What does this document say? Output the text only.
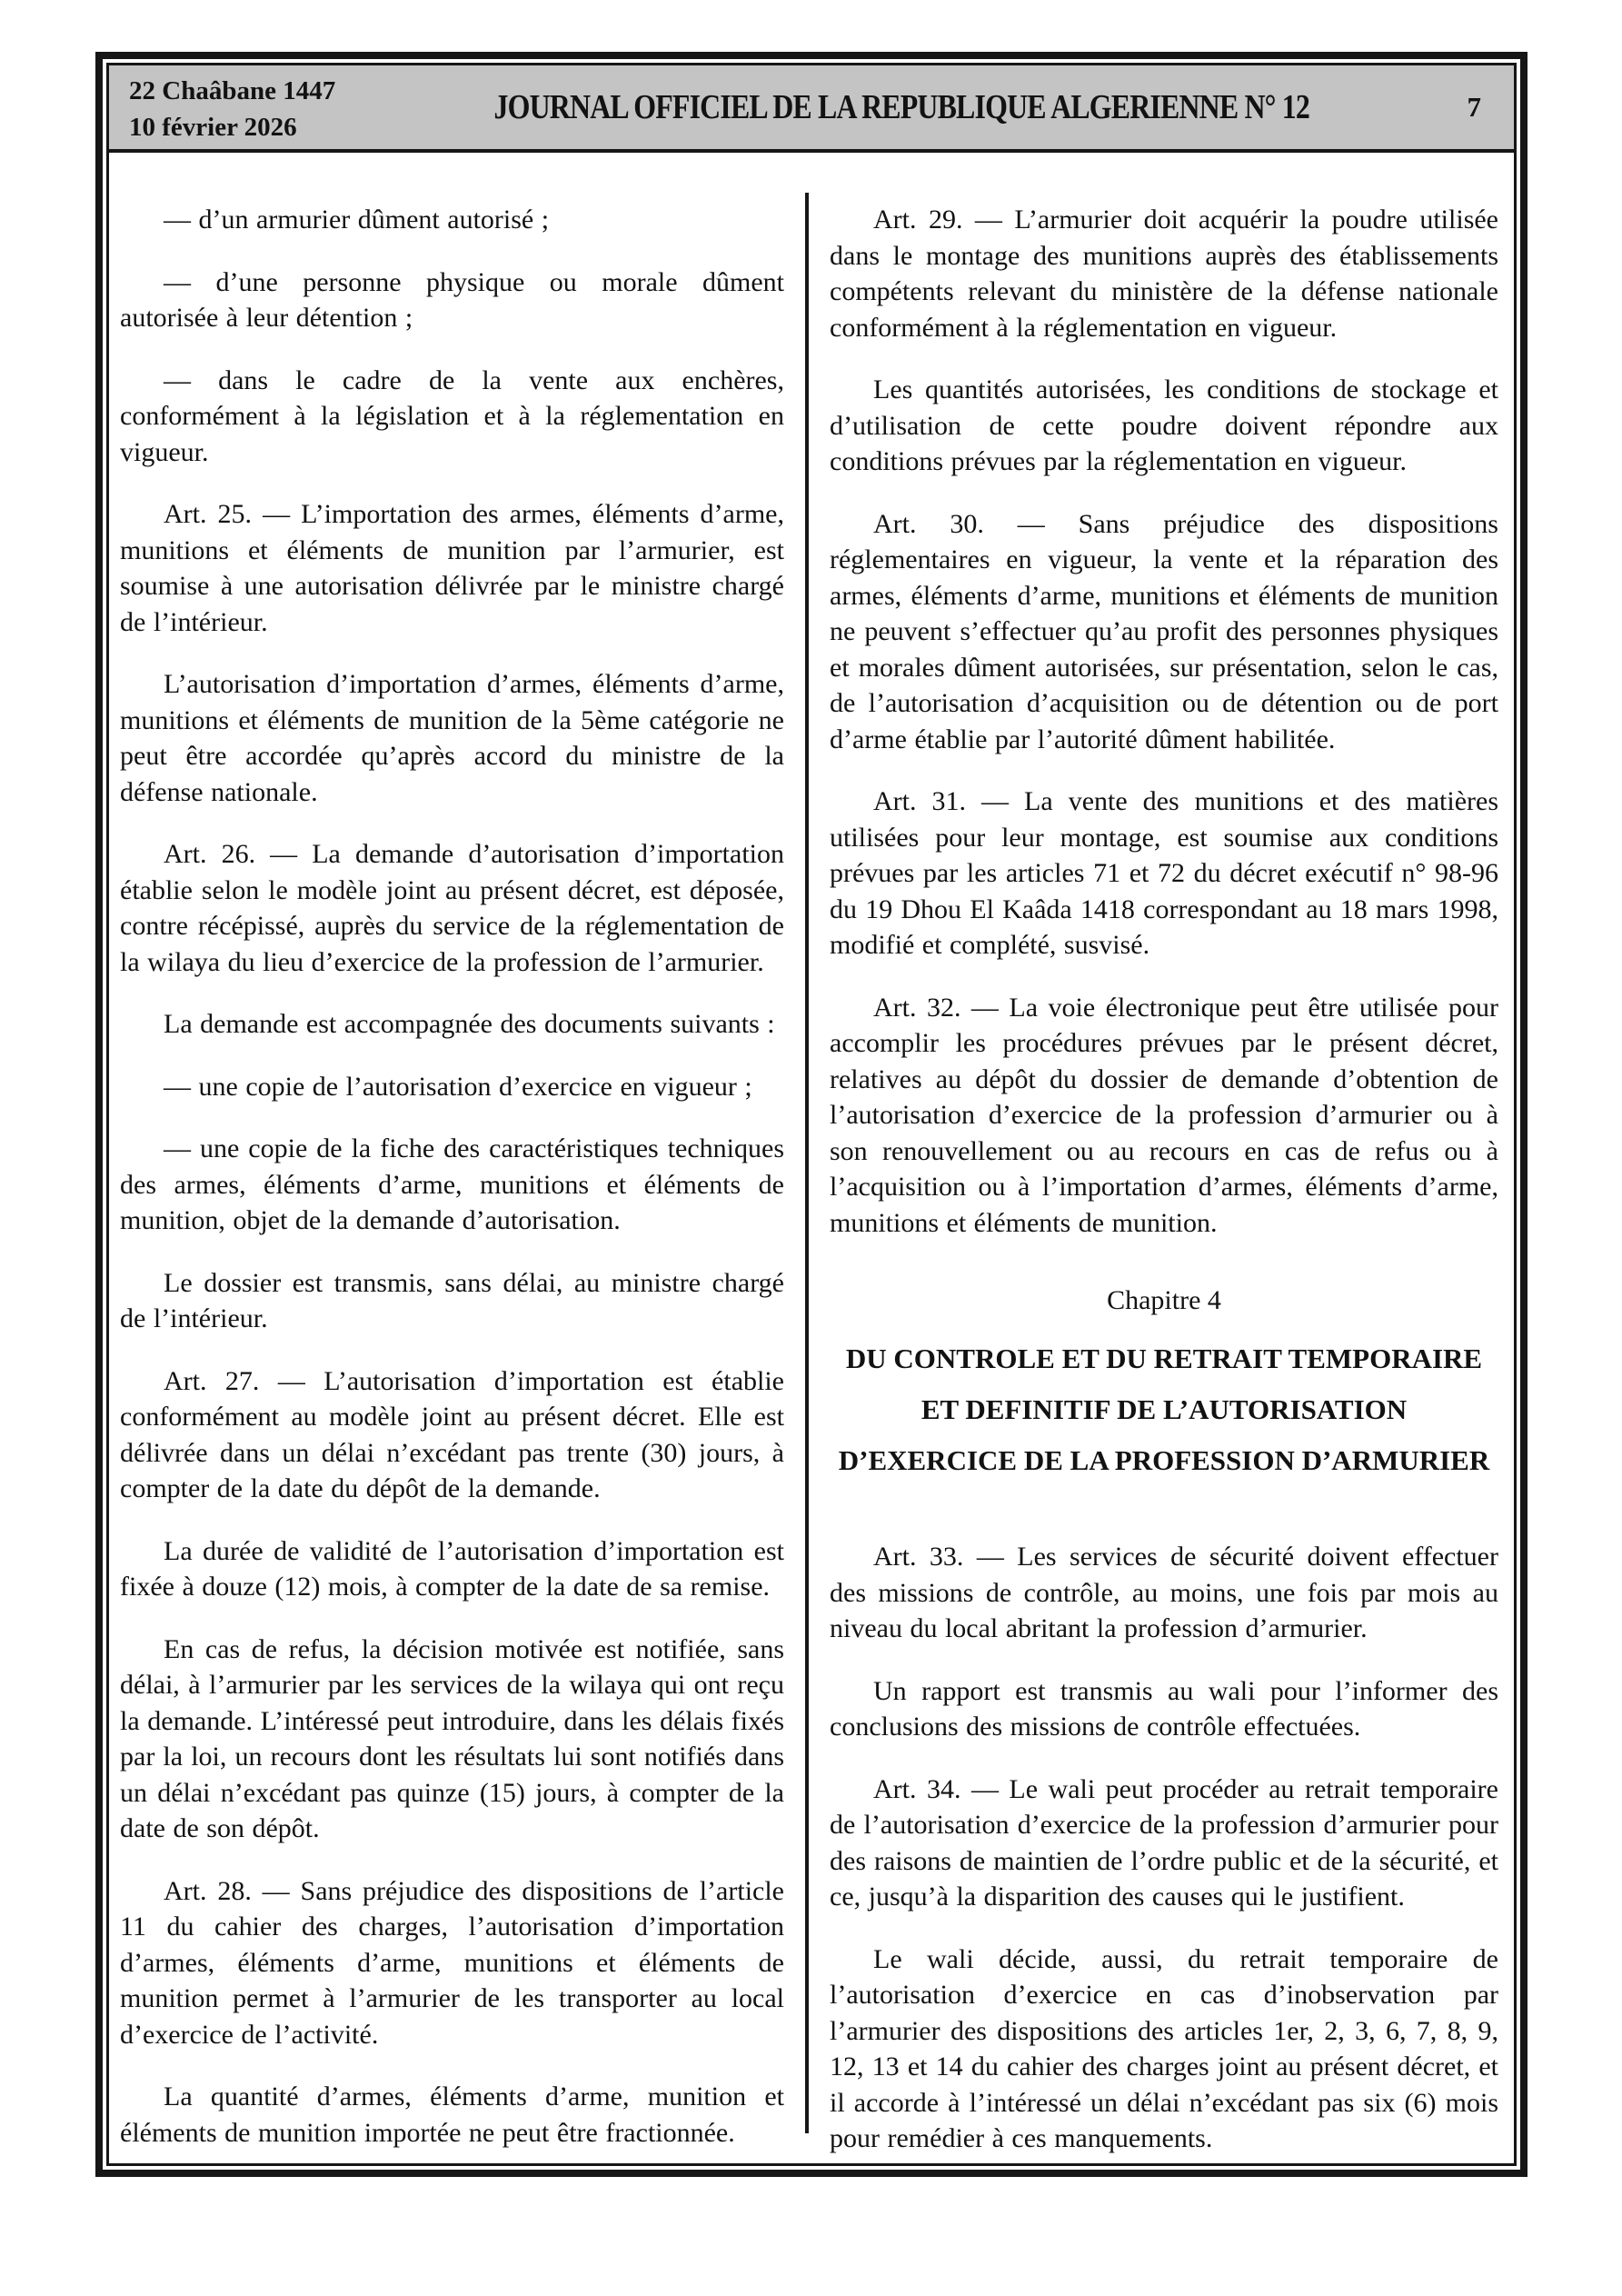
22 Chaâbane 1447
10 février 2026
JOURNAL OFFICIEL DE LA REPUBLIQUE ALGERIENNE N° 12	7

— d’un armurier dûment autorisé ;

— d’une personne physique ou morale dûment autorisée à leur détention ;

— dans le cadre de la vente aux enchères, conformément à la législation et à la réglementation en vigueur.

Art. 25. — L’importation des armes, éléments d’arme, munitions et éléments de munition par l’armurier, est soumise à une autorisation délivrée par le ministre chargé de l’intérieur.

L’autorisation d’importation d’armes, éléments d’arme, munitions et éléments de munition de la 5ème catégorie ne peut être accordée qu’après accord du ministre de la défense nationale.

Art. 26. — La demande d’autorisation d’importation établie selon le modèle joint au présent décret, est déposée, contre récépissé, auprès du service de la réglementation de la wilaya du lieu d’exercice de la profession de l’armurier.

La demande est accompagnée des documents suivants :

— une copie de l’autorisation d’exercice en vigueur ;

— une copie de la fiche des caractéristiques techniques des armes, éléments d’arme, munitions et éléments de munition, objet de la demande d’autorisation.

Le dossier est transmis, sans délai, au ministre chargé de l’intérieur.

Art. 27. — L’autorisation d’importation est établie conformément au modèle joint au présent décret. Elle est délivrée dans un délai n’excédant pas trente (30) jours, à compter de la date du dépôt de la demande.

La durée de validité de l’autorisation d’importation est fixée à douze (12) mois, à compter de la date de sa remise.

En cas de refus, la décision motivée est notifiée, sans délai, à l’armurier par les services de la wilaya qui ont reçu la demande. L’intéressé peut introduire, dans les délais fixés par la loi, un recours dont les résultats lui sont notifiés dans un délai n’excédant pas quinze (15) jours, à compter de la date de son dépôt.

Art. 28. — Sans préjudice des dispositions de l’article 11 du cahier des charges, l’autorisation d’importation d’armes, éléments d’arme, munitions et éléments de munition permet à l’armurier de les transporter au local d’exercice de l’activité.

La quantité d’armes, éléments d’arme, munition et éléments de munition importée ne peut être fractionnée.

Art. 29. — L’armurier doit acquérir la poudre utilisée dans le montage des munitions auprès des établissements compétents relevant du ministère de la défense nationale conformément à la réglementation en vigueur.

Les quantités autorisées, les conditions de stockage et d’utilisation de cette poudre doivent répondre aux conditions prévues par la réglementation en vigueur.

Art. 30. — Sans préjudice des dispositions réglementaires en vigueur, la vente et la réparation des armes, éléments d’arme, munitions et éléments de munition ne peuvent s’effectuer qu’au profit des personnes physiques et morales dûment autorisées, sur présentation, selon le cas, de l’autorisation d’acquisition ou de détention ou de port d’arme établie par l’autorité dûment habilitée.

Art. 31. — La vente des munitions et des matières utilisées pour leur montage, est soumise aux conditions prévues par les articles 71 et 72 du décret exécutif n° 98-96 du 19 Dhou El Kaâda 1418 correspondant au 18 mars 1998, modifié et complété, susvisé.

Art. 32. — La voie électronique peut être utilisée pour accomplir les procédures prévues par le présent décret, relatives au dépôt du dossier de demande d’obtention de l’autorisation d’exercice de la profession d’armurier ou à son renouvellement ou au recours en cas de refus ou à l’acquisition ou à l’importation d’armes, éléments d’arme, munitions et éléments de munition.

Chapitre 4
DU CONTROLE ET DU RETRAIT TEMPORAIRE
ET DEFINITIF DE L’AUTORISATION
D’EXERCICE DE LA PROFESSION D’ARMURIER

Art. 33. — Les services de sécurité doivent effectuer des missions de contrôle, au moins, une fois par mois au niveau du local abritant la profession d’armurier.

Un rapport est transmis au wali pour l’informer des conclusions des missions de contrôle effectuées.

Art. 34. — Le wali peut procéder au retrait temporaire de l’autorisation d’exercice de la profession d’armurier pour des raisons de maintien de l’ordre public et de la sécurité, et ce, jusqu’à la disparition des causes qui le justifient.

Le wali décide, aussi, du retrait temporaire de l’autorisation d’exercice en cas d’inobservation par l’armurier des dispositions des articles 1er, 2, 3, 6, 7, 8, 9, 12, 13 et 14 du cahier des charges joint au présent décret, et il accorde à l’intéressé un délai n’excédant pas six (6) mois pour remédier à ces manquements.
